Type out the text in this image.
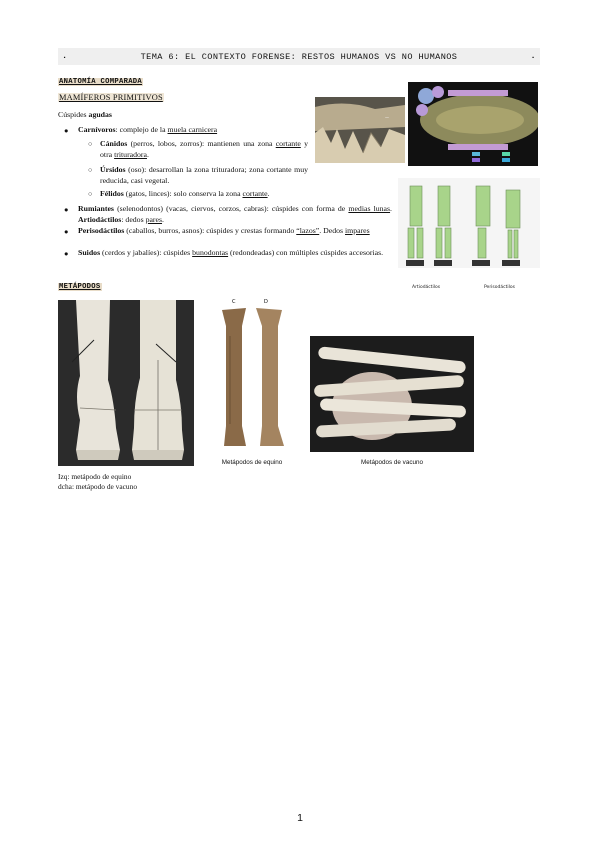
.	TEMA 6: EL CONTEXTO FORENSE: RESTOS HUMANOS VS NO HUMANOS	.
ANATOMÍA COMPARADA
MAMÍFEROS PRIMITIVOS
Cúspides agudas
● Carnívoros: complejo de la muela carnicera
○ Cánidos (perros, lobos, zorros): mantienen una zona cortante y otra trituradora.
○ Úrsidos (oso): desarrollan la zona trituradora; zona cortante muy reducida, casi vegetal.
○ Félidos (gatos, linces): solo conserva la zona cortante.
● Rumiantes (selenodontos) (vacas, ciervos, corzos, cabras): cúspides con forma de medias lunas. Artiodáctilos: dedos pares.
● Perisodáctilos (caballos, burros, asnos): cúspides y crestas formando “lazos”. Dedos impares
● Suidos (cerdos y jabalíes): cúspides bunodontas (redondeadas) con múltiples cúspides accesorias.
—
Artiodáctilos	Perisodáctilos
METÁPODOS
Izq: metápodo de equino
dcha: metápodo de vacuno
C	D
Metápodos de equino	Metápodos de vacuno
1
